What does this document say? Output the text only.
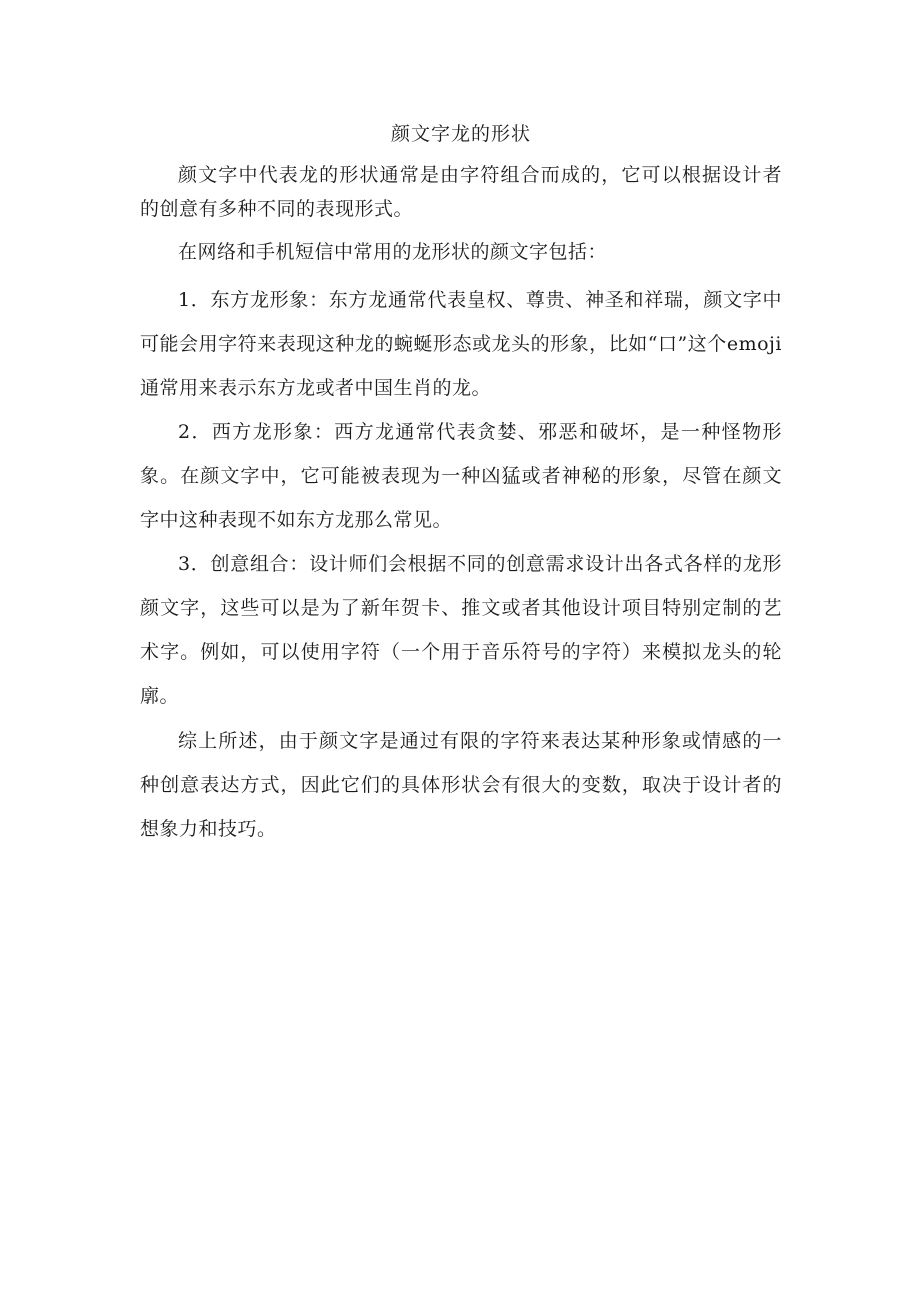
颜文字龙的形状

颜文字中代表龙的形状通常是由字符组合而成的，它可以根据设计者的创意有多种不同的表现形式。

在网络和手机短信中常用的龙形状的颜文字包括：

1．东方龙形象：东方龙通常代表皇权、尊贵、神圣和祥瑞，颜文字中可能会用字符来表现这种龙的蜿蜒形态或龙头的形象，比如“口”这个emoji通常用来表示东方龙或者中国生肖的龙。

2．西方龙形象：西方龙通常代表贪婪、邪恶和破坏，是一种怪物形象。在颜文字中，它可能被表现为一种凶猛或者神秘的形象，尽管在颜文字中这种表现不如东方龙那么常见。

3．创意组合：设计师们会根据不同的创意需求设计出各式各样的龙形颜文字，这些可以是为了新年贺卡、推文或者其他设计项目特别定制的艺术字。例如，可以使用字符（一个用于音乐符号的字符）来模拟龙头的轮廓。

综上所述，由于颜文字是通过有限的字符来表达某种形象或情感的一种创意表达方式，因此它们的具体形状会有很大的变数，取决于设计者的想象力和技巧。
